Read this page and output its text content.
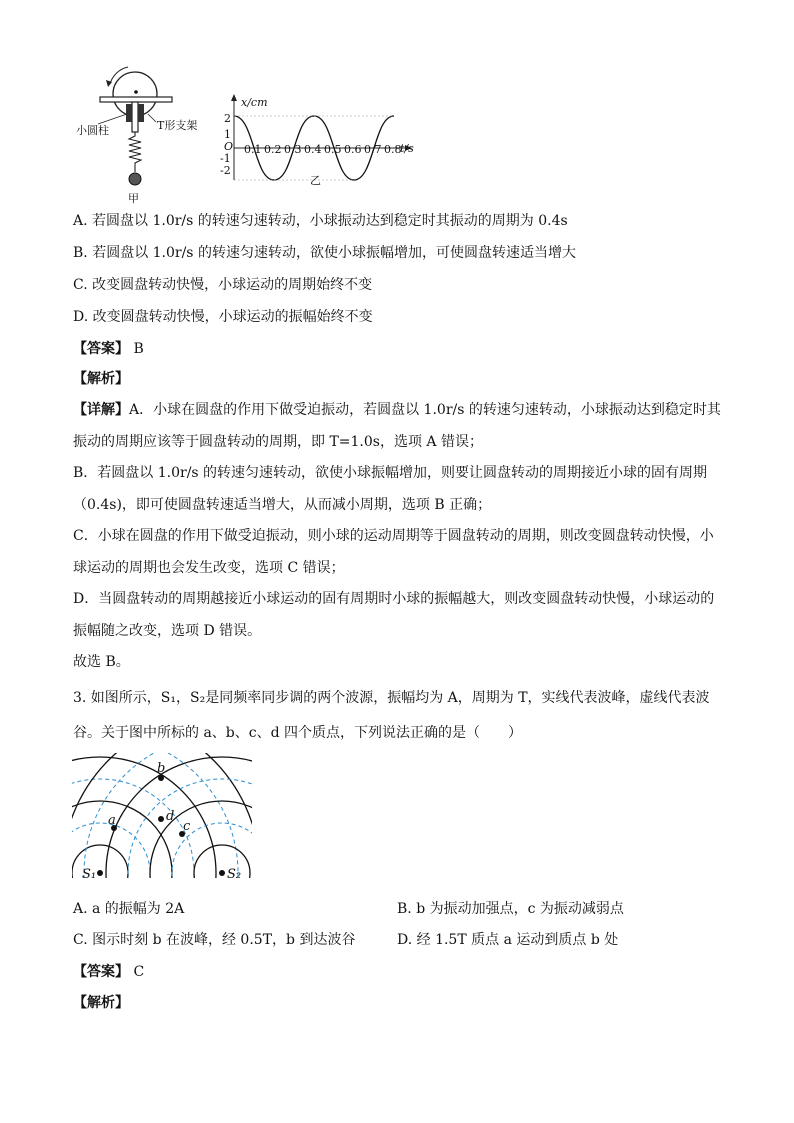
小圆柱	T形支架
甲
x/cm
t/s
2
1
O
-1
-2
0.1 0.2 0.3 0.4 0.5 0.6 0.7 0.8
乙
A. 若圆盘以 1.0r/s 的转速匀速转动，小球振动达到稳定时其振动的周期为 0.4s
B. 若圆盘以 1.0r/s 的转速匀速转动，欲使小球振幅增加，可使圆盘转速适当增大
C. 改变圆盘转动快慢，小球运动的周期始终不变
D. 改变圆盘转动快慢，小球运动的振幅始终不变
【答案】 B
【解析】
【详解】A．小球在圆盘的作用下做受迫振动，若圆盘以 1.0r/s 的转速匀速转动，小球振动达到稳定时其
振动的周期应该等于圆盘转动的周期，即 T=1.0s，选项 A 错误；
B．若圆盘以 1.0r/s 的转速匀速转动，欲使小球振幅增加，则要让圆盘转动的周期接近小球的固有周期
（0.4s)，即可使圆盘转速适当增大，从而减小周期，选项 B 正确；
C．小球在圆盘的作用下做受迫振动，则小球的运动周期等于圆盘转动的周期，则改变圆盘转动快慢，小
球运动的周期也会发生改变，选项 C 错误；
D．当圆盘转动的周期越接近小球运动的固有周期时小球的振幅越大，则改变圆盘转动快慢，小球运动的
振幅随之改变，选项 D 错误。
故选 B。
3. 如图所示，S₁，S₂是同频率同步调的两个波源，振幅均为 A，周期为 T，实线代表波峰，虚线代表波
谷。关于图中所标的 a、b、c、d 四个质点，下列说法正确的是（　　）
a
b
c
d
S₁	S₂
A. a 的振幅为 2A	B. b 为振动加强点，c 为振动减弱点
C. 图示时刻 b 在波峰，经 0.5T，b 到达波谷	D. 经 1.5T 质点 a 运动到质点 b 处
【答案】 C
【解析】
